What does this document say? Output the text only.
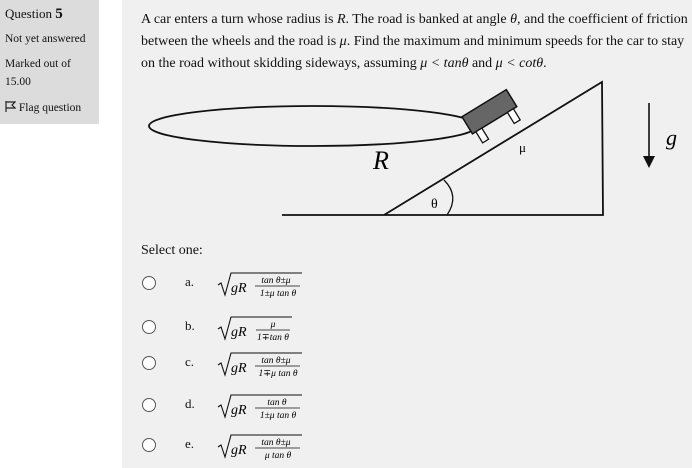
Question 5
Not yet answered
Marked out of
15.00
Flag question
A car enters a turn whose radius is R. The road is banked at angle θ, and the coefficient of friction between the wheels and the road is μ. Find the maximum and minimum speeds for the car to stay on the road without skidding sideways, assuming μ < tanθ and μ < cotθ.
θ
R	μ	g
Select one:
a.	gR tan θ±μ
1±μ tan θ
b.	gR	μ
1∓tan θ
c.	gR tan θ±μ
1∓μ tan θ
d.	gR tan θ
1±μ tan θ
e.	gR tan θ±μ
μ tan θ
